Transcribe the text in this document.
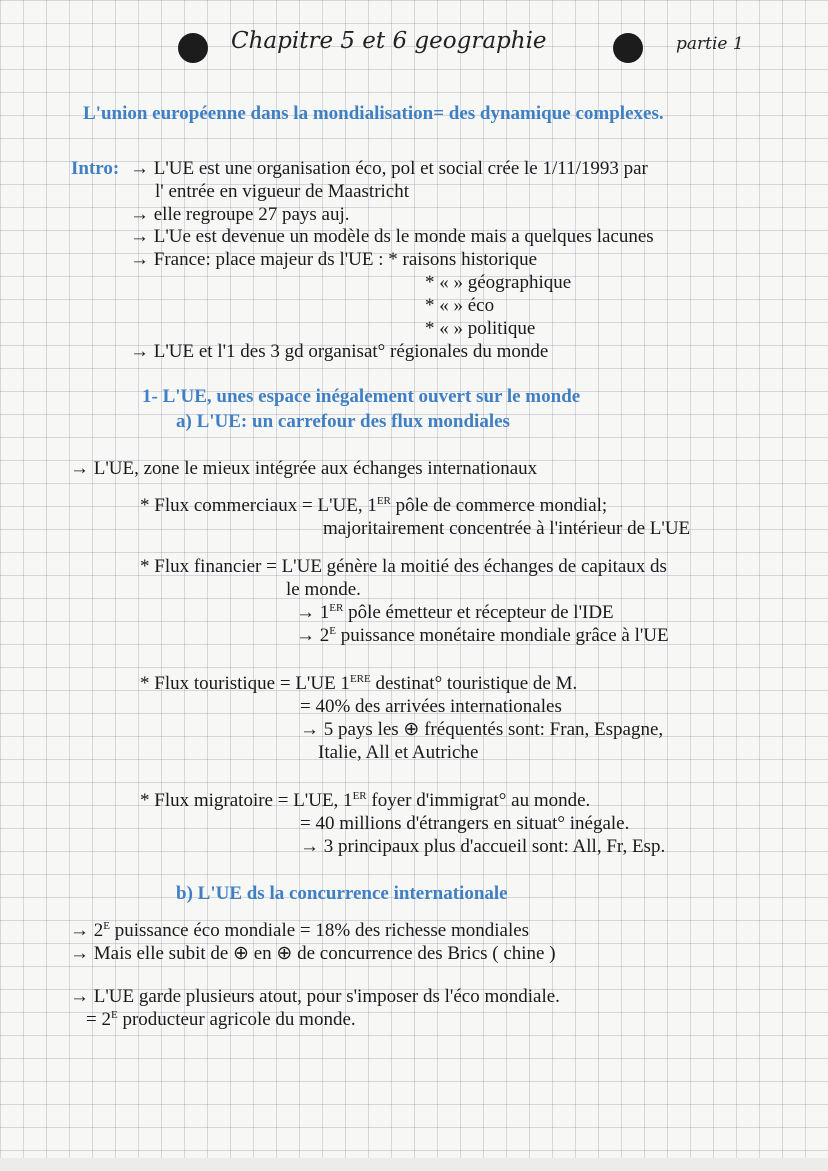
Chapitre 5 et 6 geographie	partie 1
L'union européenne dans la mondialisation= des dynamique complexes.
Intro: → L'UE est une organisation éco, pol et social crée le 1/11/1993 par
l' entrée en vigueur de Maastricht
→ elle regroupe 27 pays auj.
→ L'Ue est devenue un modèle ds le monde mais a quelques lacunes
→ France: place majeur ds l'UE : * raisons historique
* « » géographique
* « » éco
* « » politique
→ L'UE et l'1 des 3 gd organisat° régionales du monde
1- L'UE, unes espace inégalement ouvert sur le monde
a) L'UE: un carrefour des flux mondiales
→ L'UE, zone le mieux intégrée aux échanges internationaux
* Flux commerciaux = L'UE, 1ER pôle de commerce mondial;
majoritairement concentrée à l'intérieur de L'UE
* Flux financier = L'UE génère la moitié des échanges de capitaux ds
le monde.
→ 1ER pôle émetteur et récepteur de l'IDE
→ $2^E$ puissance monétaire mondiale grâce à l'UE
* Flux touristique = L'UE 1ERE destinat° touristique de M.
= 40% des arrivées internationales
→ 5 pays les ⊕ fréquentés sont: Fran, Espagne,
Italie, All et Autriche
* Flux migratoire = L'UE, 1ER foyer d'immigrat° au monde.
= 40 millions d'étrangers en situat° inégale.
→ 3 principaux plus d'accueil sont: All, Fr, Esp.
b) L'UE ds la concurrence internationale
→ $2^E$ puissance éco mondiale = 18% des richesse mondiales
→ Mais elle subit de ⊕ en ⊕ de concurrence des Brics ( chine )
→ L'UE garde plusieurs atout, pour s'imposer ds l'éco mondiale.
= $2^E$ producteur agricole du monde.
